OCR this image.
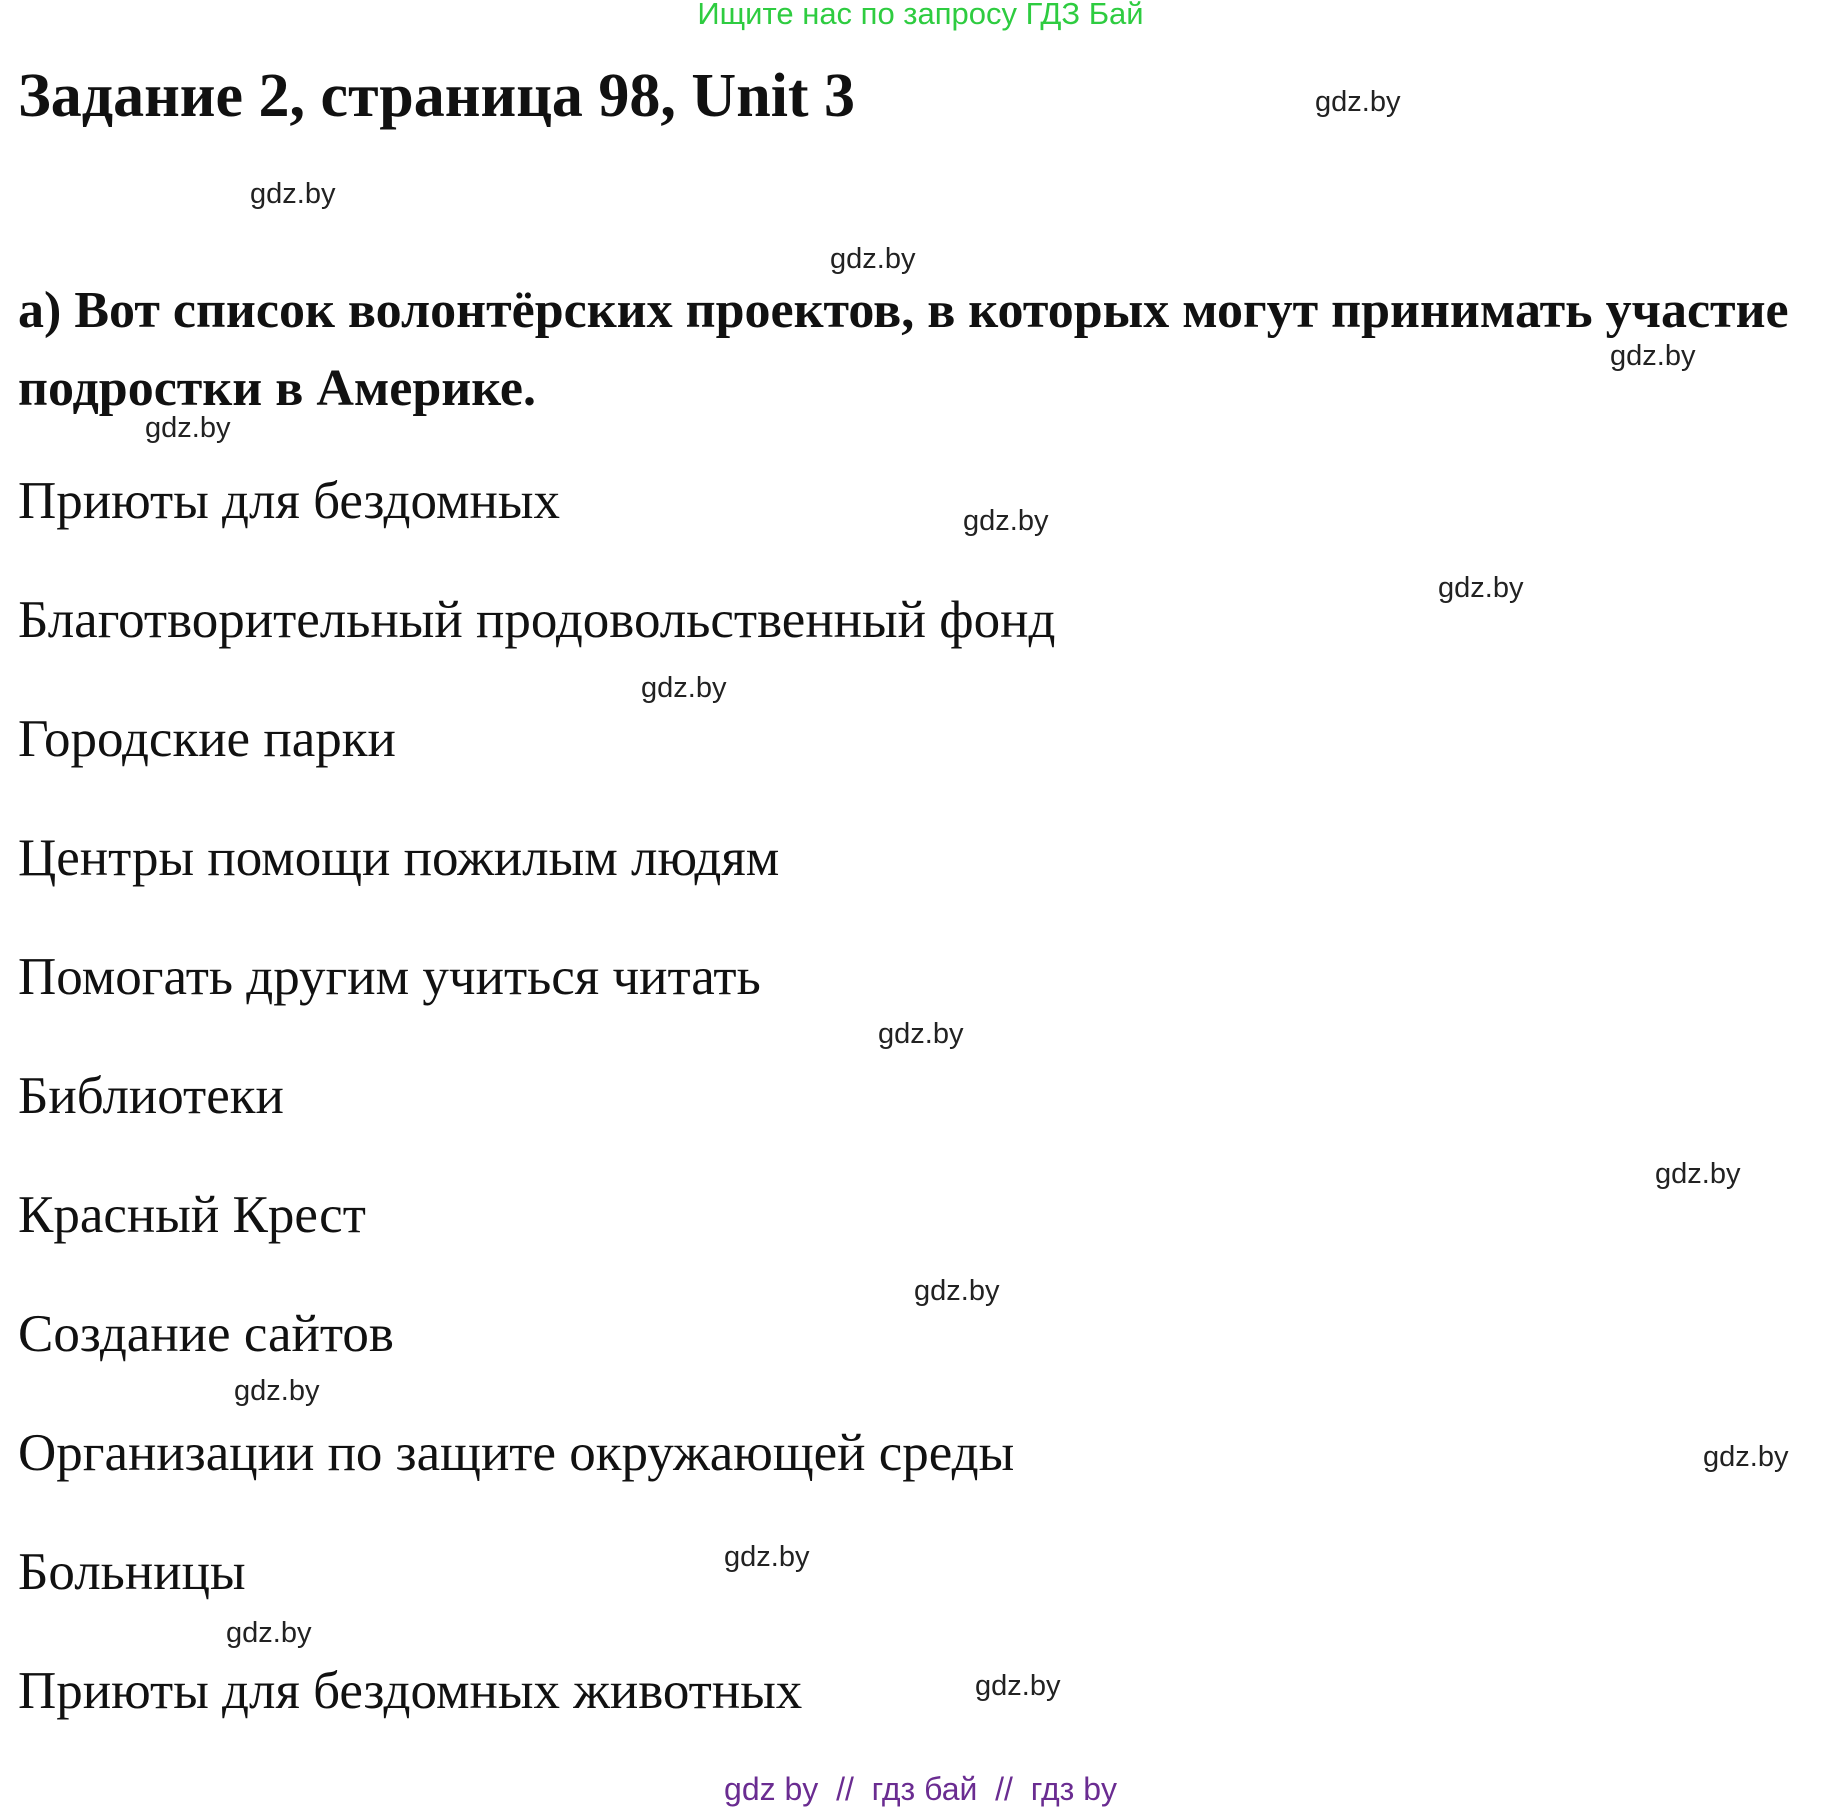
Ищите нас по запросу ГДЗ Бай
Задание 2, страница 98, Unit 3

a) Вот список волонтёрских проектов, в которых могут принимать участие подростки в Америке.

Приюты для бездомных

Благотворительный продовольственный фонд

Городские парки

Центры помощи пожилым людям

Помогать другим учиться читать

Библиотеки

Красный Крест

Создание сайтов

Организации по защите окружающей среды

Больницы

Приюты для бездомных животных

gdz.by
gdz.by
gdz.by
gdz.by
gdz.by
gdz.by
gdz.by
gdz.by
gdz.by
gdz.by
gdz.by
gdz.by
gdz.by
gdz.by
gdz.by
gdz.by
gdz by  //  гдз бай  //  гдз by
